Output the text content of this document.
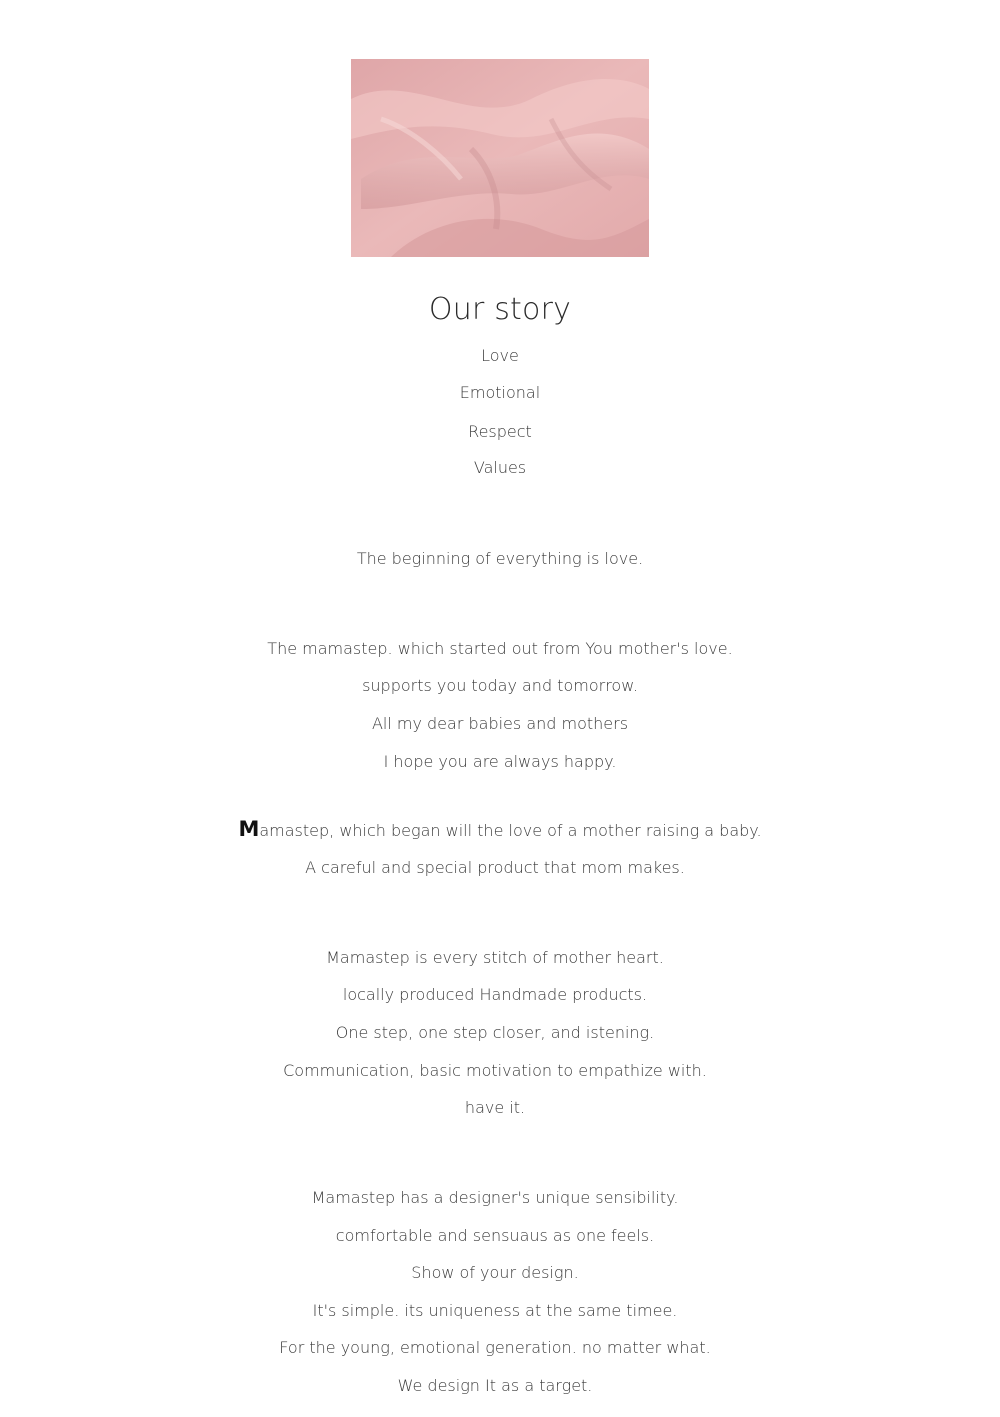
Our story
Love
Emotional
Respect
Values
The beginning of everything is love.
The mamastep. which started out from You mother's love.
supports you today and tomorrow.
All my dear babies and mothers
I hope you are always happy.
Mamastep, which began will the love of a mother raising a baby.
A careful and special product that mom makes.
Mamastep is every stitch of mother heart.
locally produced Handmade products.
One step, one step closer, and istening.
Communication, basic motivation to empathize with.
have it.
Mamastep has a designer's unique sensibility.
comfortable and sensuaus as one feels.
Show of your design.
It's simple. its uniqueness at the same timee.
For the young, emotional generation. no matter what.
We design It as a target.
